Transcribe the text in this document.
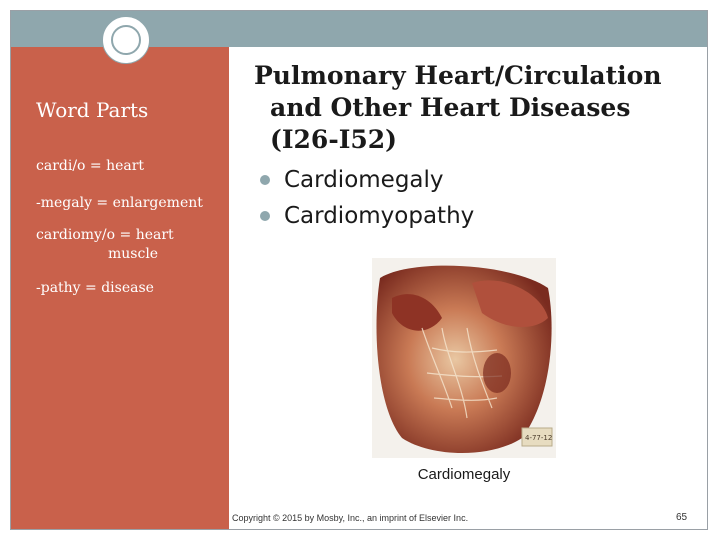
Word Parts
cardi/o = heart
-megaly = enlargement
cardiomy/o = heart
muscle
-pathy = disease
Pulmonary Heart/Circulation
and Other Heart Diseases
(I26-I52)
Cardiomegaly
Cardiomyopathy
4-77-12
Cardiomegaly
Copyright © 2015 by Mosby, Inc., an imprint of Elsevier Inc.	65
